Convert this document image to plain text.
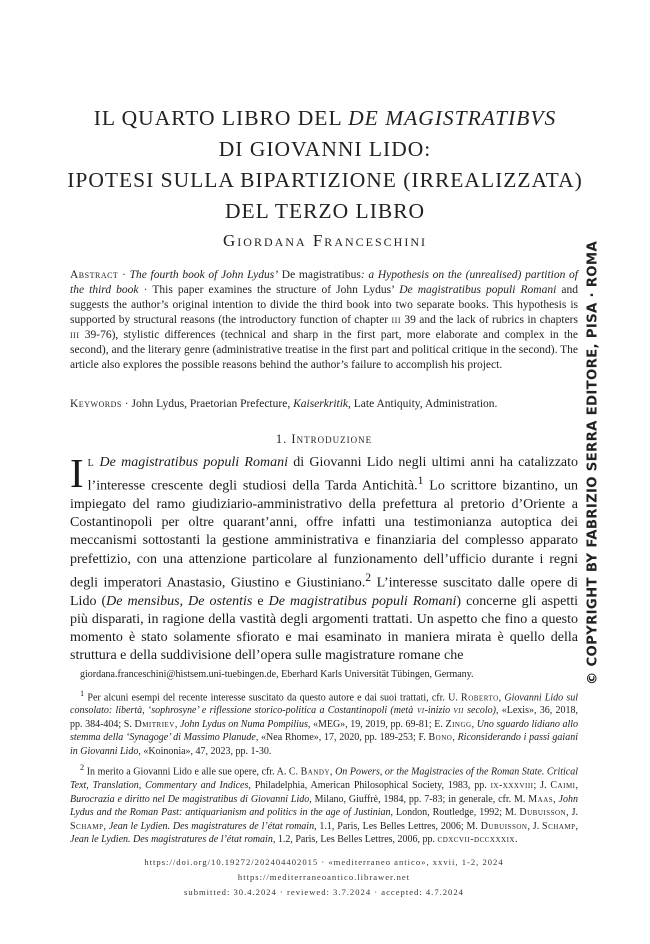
IL QUARTO LIBRO DEL DE MAGISTRATIBVS
DI GIOVANNI LIDO:
IPOTESI SULLA BIPARTIZIONE (IRREALIZZATA)
DEL TERZO LIBRO
Giordana Franceschini
Abstract · The fourth book of John Lydus’ De magistratibus: a Hypothesis on the (unrealised) partition of the third book · This paper examines the structure of John Lydus’ De magistratibus populi Romani and suggests the author’s original intention to divide the third book into two separate books. This hypothesis is supported by structural reasons (the introductory function of chapter iii 39 and the lack of rubrics in chapters iii 39-76), stylistic differences (technical and sharp in the first part, more elaborate and complex in the second), and the literary genre (administrative treatise in the first part and political critique in the second). The article also explores the possible reasons behind the author’s failure to accomplish his project.
Keywords · John Lydus, Praetorian Prefecture, Kaiserkritik, Late Antiquity, Administration.
1. Introduzione
Il De magistratibus populi Romani di Giovanni Lido negli ultimi anni ha catalizzato l’interesse crescente degli studiosi della Tarda Antichità.$^1$ Lo scrittore bizantino, un impiegato del ramo giudiziario-amministrativo della prefettura al pretorio d’Oriente a Costantinopoli per oltre quarant’anni, offre infatti una testimonianza autoptica dei meccanismi sottostanti la gestione amministrativa e finanziaria del complesso apparato prefettizio, con una attenzione particolare al funzionamento dell’ufficio durante i regni degli imperatori Anastasio, Giustino e Giustiniano.$^2$ L’interesse suscitato dalle opere di Lido (De mensibus, De ostentis e De magistratibus populi Romani) concerne gli aspetti più disparati, in ragione della vastità degli argomenti trattati. Un aspetto che fino a questo momento è stato solamente sfiorato e mai esaminato in maniera mirata è quello della struttura e della suddivisione dell’opera sulle magistrature romane che

giordana.franceschini@histsem.uni-tuebingen.de, Eberhard Karls Universität Tübingen, Germany.

$^1$ Per alcuni esempi del recente interesse suscitato da questo autore e dai suoi trattati, cfr. U. Roberto, Giovanni Lido sul consolato: libertà, ‘sophrosyne’ e riflessione storico-politica a Costantinopoli (metà vi-inizio vii secolo), «Lexis», 36, 2018, pp. 384-404; S. Dmitriev, John Lydus on Numa Pompilius, «MEG», 19, 2019, pp. 69-81; E. Zingg, Uno sguardo lidiano allo stemma della ‘Synagoge’ di Massimo Planude, «Nea Rhome», 17, 2020, pp. 189-253; F. Bono, Riconsiderando i passi gaiani in Giovanni Lido, «Koinonia», 47, 2023, pp. 1-30.

$^2$ In merito a Giovanni Lido e alle sue opere, cfr. A. C. Bandy, On Powers, or the Magistracies of the Roman State. Critical Text, Translation, Commentary and Indices, Philadelphia, American Philosophical Society, 1983, pp. ix-xxxviii; J. Caimi, Burocrazia e diritto nel De magistratibus di Giovanni Lido, Milano, Giuffrè, 1984, pp. 7-83; in generale, cfr. M. Maas, John Lydus and the Roman Past: antiquarianism and politics in the age of Justinian, London, Routledge, 1992; M. Dubuisson, J. Schamp, Jean le Lydien. Des magistratures de l’état romain, 1.1, Paris, Les Belles Lettres, 2006; M. Dubuisson, J. Schamp, Jean le Lydien. Des magistratures de l’état romain, 1.2, Paris, Les Belles Lettres, 2006, pp. cdxcvii-dccxxxix.

https://doi.org/10.19272/202404402015 · «mediterraneo antico», xxvii, 1-2, 2024
https://mediterraneoantico.librawer.net
submitted: 30.4.2024 · reviewed: 3.7.2024 · accepted: 4.7.2024
© COPYRIGHT BY FABRIZIO SERRA EDITORE, PISA · ROMA
